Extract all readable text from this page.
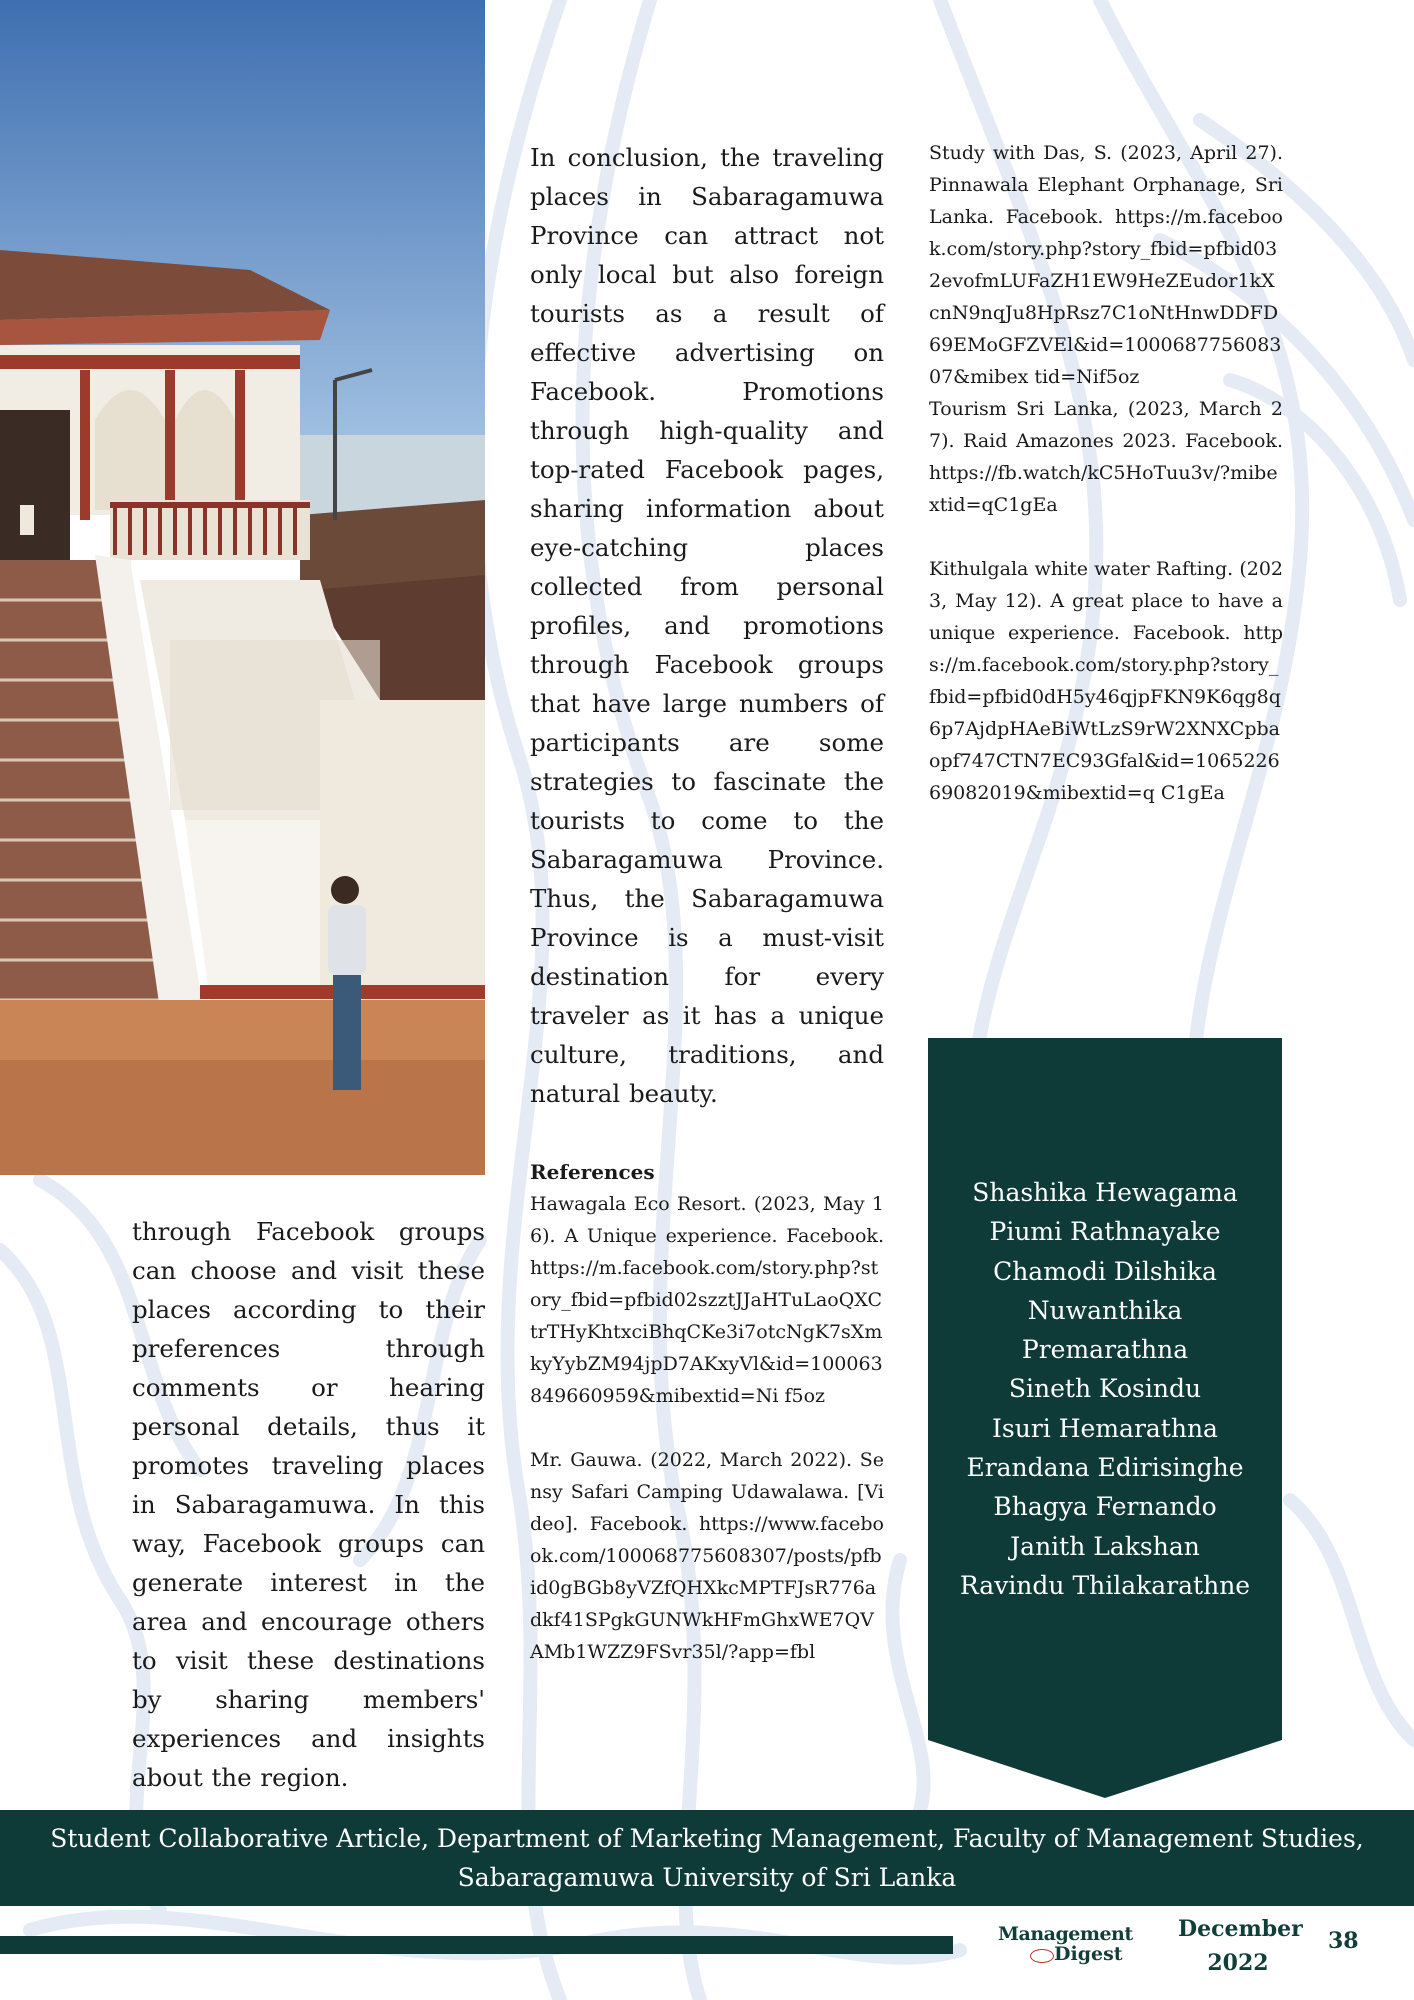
through Facebook groups can choose and visit these places according to their preferences through comments or hearing personal details, thus it promotes traveling places in Sabaragamuwa. In this way, Facebook groups can generate interest in the area and encourage others to visit these destinations by sharing members' experiences and insights about the region.
In conclusion, the traveling places in Sabaragamuwa Province can attract not only local but also foreign tourists as a result of effective advertising on Facebook. Promotions through high-quality and top-rated Facebook pages, sharing information about eye-catching places collected from personal profiles, and promotions through Facebook groups that have large numbers of participants are some strategies to fascinate the tourists to come to the Sabaragamuwa Province. Thus, the Sabaragamuwa Province is a must-visit destination for every traveler as it has a unique culture, traditions, and natural beauty.
References

Hawagala Eco Resort. (2023, May 16). A Unique experience. Facebook. https://m.facebook.com/story.php?story_fbid=pfbid02szztJJaHTuLaoQXCtrTHyKhtxciBhqCKe3i7otcNgK7sXmkyYybZM94jpD7AKxyVl&id=100063849660959&mibextid=Ni f5oz

Mr. Gauwa. (2022, March 2022). Sensy Safari Camping Udawalawa. [Video]. Facebook. https://www.facebook.com/100068775608307/posts/pfbid0gBGb8yVZfQHXkcMPTFJsR776adkf41SPgkGUNWkHFmGhxWE7QVAMb1WZZ9FSvr35l/?app=fbl

Study with Das, S. (2023, April 27). Pinnawala Elephant Orphanage, SriLanka. Facebook. https://m.facebook.com/story.php?story_fbid=pfbid032evofmLUFaZH1EW9HeZEudor1kXcnN9nqJu8HpRsz7C1oNtHnwDDFD69EMoGFZVEl&id=100068775608307&mibex tid=Nif5oz

Tourism Sri Lanka, (2023, March 27). Raid Amazones 2023. Facebook. https://fb.watch/kC5HoTuu3v/?mibextid=qC1gEa

Kithulgala white water Rafting. (2023, May 12). A great place to have a unique experience. Facebook. https://m.facebook.com/story.php?story_fbid=pfbid0dH5y46qjpFKN9K6qg8q6p7AjdpHAeBiWtLzS9rW2XNXCpbaopf747CTN7EC93Gfal&id=106522669082019&mibextid=q C1gEa

Shashika Hewagama
Piumi Rathnayake
Chamodi Dilshika
Nuwanthika
Premarathna
Sineth Kosindu
Isuri Hemarathna
Erandana Edirisinghe
Bhagya Fernando
Janith Lakshan
Ravindu Thilakarathne
Student Collaborative Article, Department of Marketing Management, Faculty of Management Studies,
Sabaragamuwa University of Sri Lanka
Management
Digest
December
2022
38
